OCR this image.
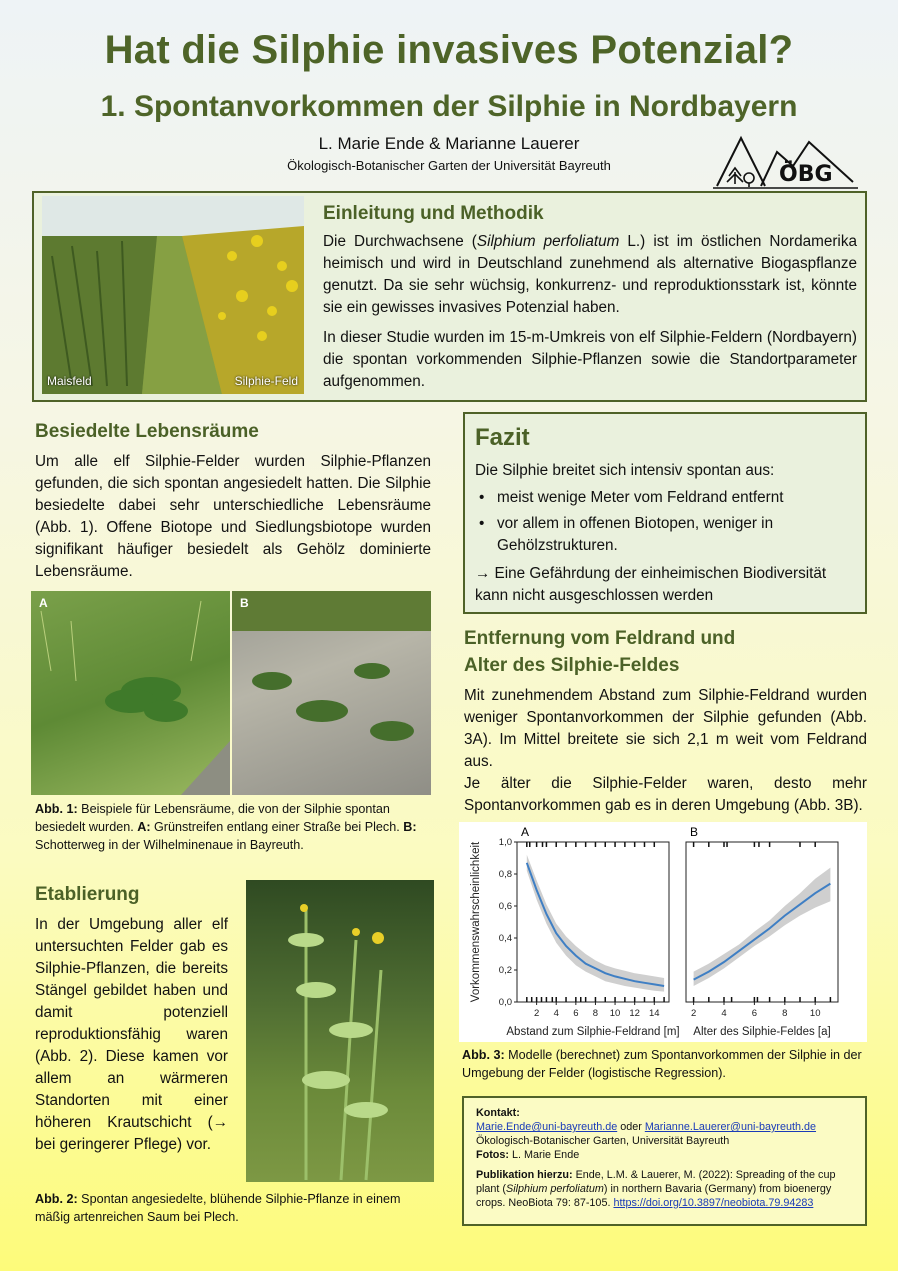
Hat die Silphie invasives Potenzial?
1. Spontanvorkommen der Silphie in Nordbayern
L. Marie Ende & Marianne Lauerer
Ökologisch-Botanischer Garten der Universität Bayreuth	ÖBG
Maisfeld	Silphie-Feld
Einleitung und Methodik

Die Durchwachsene (Silphium perfoliatum L.) ist im östlichen Nordamerika heimisch und wird in Deutschland zunehmend als alternative Biogaspflanze genutzt. Da sie sehr wüchsig, konkurrenz- und reproduktionsstark ist, könnte sie ein gewisses invasives Potenzial haben.

In dieser Studie wurden im 15-m-Umkreis von elf Silphie-Feldern (Nordbayern) die spontan vorkommenden Silphie-Pflanzen sowie die Standortparameter aufgenommen.

Besiedelte Lebensräume

Um alle elf Silphie-Felder wurden Silphie-Pflanzen gefunden, die sich spontan angesiedelt hatten. Die Silphie besiedelte dabei sehr unterschiedliche Lebensräume (Abb. 1). Offene Biotope und Siedlungsbiotope wurden signifikant häufiger besiedelt als Gehölz dominierte Lebensräume.

A	B
Abb. 1: Beispiele für Lebensräume, die von der Silphie spontan besiedelt wurden. A: Grünstreifen entlang einer Straße bei Plech. B: Schotterweg in der Wilhelminenaue in Bayreuth.
Etablierung

In der Umgebung aller elf untersuchten Felder gab es Silphie-Pflanzen, die bereits Stängel gebildet haben und damit potenziell reproduktionsfähig waren (Abb. 2). Diese kamen vor allem an wärmeren Standorten mit einer höheren Krautschicht (→ bei geringerer Pflege) vor.

Abb. 2: Spontan angesiedelte, blühende Silphie-Pflanze in einem mäßig artenreichen Saum bei Plech.
Fazit

Die Silphie breitet sich intensiv spontan aus:

• meist wenige Meter vom Feldrand entfernt
• vor allem in offenen Biotopen, weniger in Gehölzstrukturen.

→ Eine Gefährdung der einheimischen Biodiversität kann nicht ausgeschlossen werden

Entfernung vom Feldrand und
Alter des Silphie-Feldes

Mit zunehmendem Abstand zum Silphie-Feldrand wurden weniger Spontanvorkommen der Silphie gefunden (Abb. 3A). Im Mittel breitete sie sich 2,1 m weit vom Feldrand aus.

Je älter die Silphie-Felder waren, desto mehr Spontanvorkommen gab es in deren Umgebung (Abb. 3B).

A
2 4 6 8 10 12 14
Abstand zum Silphie-Feldrand [m]
B
2	4	6	8 10
Alter des Silphie-Feldes [a]
0,0
0,2
0,4
0,6
0,8
1,0
Vorkommenswahrscheinlichkeit
Abb. 3: Modelle (berechnet) zum Spontanvorkommen der Silphie in der Umgebung der Felder (logistische Regression).
Kontakt:
Marie.Ende@uni-bayreuth.de oder Marianne.Lauerer@uni-bayreuth.de
Ökologisch-Botanischer Garten, Universität Bayreuth
Fotos: L. Marie Ende
Publikation hierzu: Ende, L.M. & Lauerer, M. (2022): Spreading of the cup plant (Silphium perfoliatum) in northern Bavaria (Germany) from bioenergy crops. NeoBiota 79: 87-105. https://doi.org/10.3897/neobiota.79.94283
